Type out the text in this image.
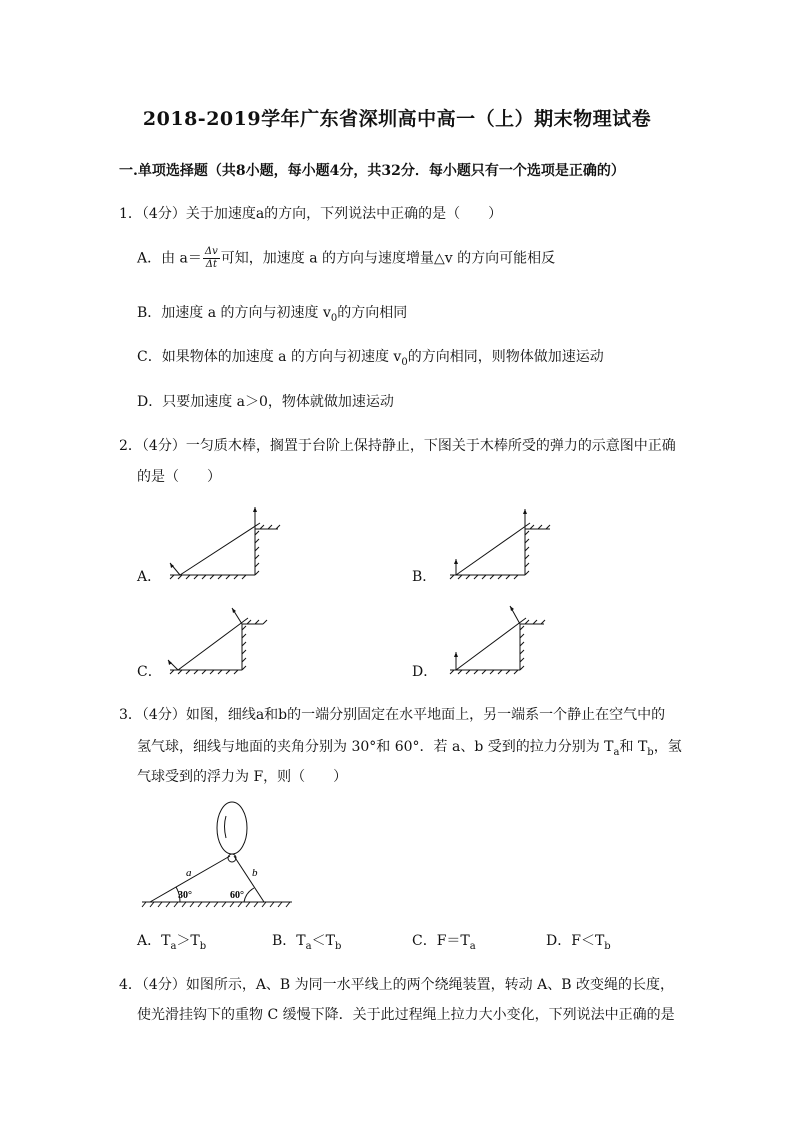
2018-2019学年广东省深圳高中高一（上）期末物理试卷
一.单项选择题（共8小题，每小题4分，共32分．每小题只有一个选项是正确的）
1．（4分）关于加速度a的方向，下列说法中正确的是（　　）
A．由 $a= \frac{\Delta v}{\Delta t}$ 可知，加速度 a 的方向与速度增量△v 的方向可能相反
B．加速度 a 的方向与初速度 $v_0$的方向相同
C．如果物体的加速度 a 的方向与初速度 $v_0$的方向相同，则物体做加速运动
D．只要加速度 a＞0，物体就做加速运动
2．（4分）一匀质木棒，搁置于台阶上保持静止，下图关于木棒所受的弹力的示意图中正确
的是（　　）
A．	B．
C．	D．
3．（4分）如图，细线a和b的一端分别固定在水平地面上，另一端系一个静止在空气中的
氢气球，细线与地面的夹角分别为 30°和 60°．若 a、b 受到的拉力分别为 $T_a$和 $T_b$，氢
气球受到的浮力为 F，则（　　）
a	b
30°	60°
A．$T_a>T_b$	B．$T_a<T_b$	C．$F=T_a$	D．$F<T_b$
4．（4分）如图所示，A、B 为同一水平线上的两个绕绳装置，转动 A、B 改变绳的长度，
使光滑挂钩下的重物 C 缓慢下降．关于此过程绳上拉力大小变化，下列说法中正确的是
